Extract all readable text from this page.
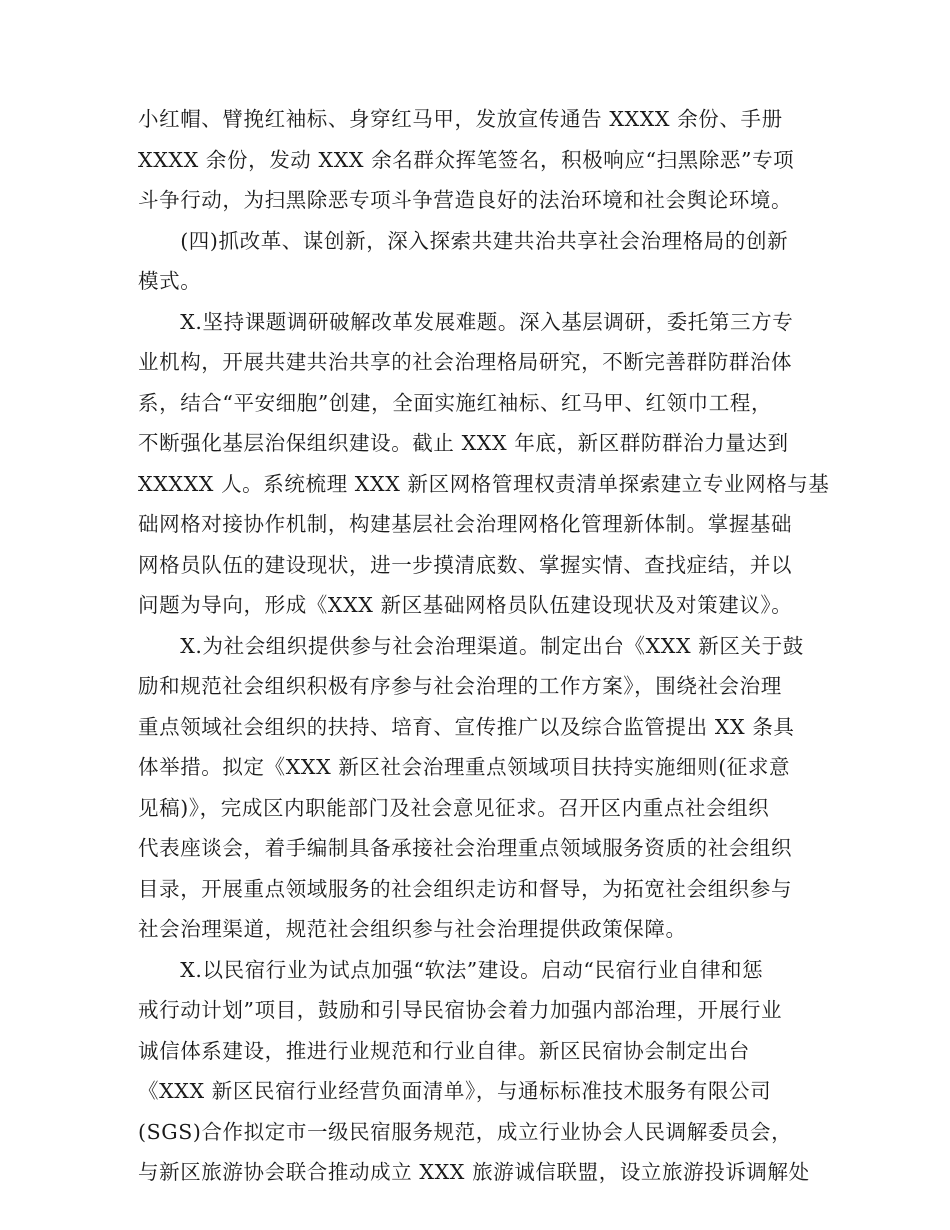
小红帽、臂挽红袖标、身穿红马甲，发放宣传通告 XXXX 余份、手册
XXXX 余份，发动 XXX 余名群众挥笔签名，积极响应“扫黑除恶”专项
斗争行动，为扫黑除恶专项斗争营造良好的法治环境和社会舆论环境。
　　(四)抓改革、谋创新，深入探索共建共治共享社会治理格局的创新
模式。
　　X.坚持课题调研破解改革发展难题。深入基层调研，委托第三方专
业机构，开展共建共治共享的社会治理格局研究，不断完善群防群治体
系，结合“平安细胞”创建，全面实施红袖标、红马甲、红领巾工程，
不断强化基层治保组织建设。截止 XXX 年底，新区群防群治力量达到
XXXXX 人。系统梳理 XXX 新区网格管理权责清单探索建立专业网格与基
础网格对接协作机制，构建基层社会治理网格化管理新体制。掌握基础
网格员队伍的建设现状，进一步摸清底数、掌握实情、查找症结，并以
问题为导向，形成《XXX 新区基础网格员队伍建设现状及对策建议》。
　　X.为社会组织提供参与社会治理渠道。制定出台《XXX 新区关于鼓
励和规范社会组织积极有序参与社会治理的工作方案》，围绕社会治理
重点领域社会组织的扶持、培育、宣传推广以及综合监管提出 XX 条具
体举措。拟定《XXX 新区社会治理重点领域项目扶持实施细则(征求意
见稿)》，完成区内职能部门及社会意见征求。召开区内重点社会组织
代表座谈会，着手编制具备承接社会治理重点领域服务资质的社会组织
目录，开展重点领域服务的社会组织走访和督导，为拓宽社会组织参与
社会治理渠道，规范社会组织参与社会治理提供政策保障。
　　X.以民宿行业为试点加强“软法”建设。启动“民宿行业自律和惩
戒行动计划”项目，鼓励和引导民宿协会着力加强内部治理，开展行业
诚信体系建设，推进行业规范和行业自律。新区民宿协会制定出台
《XXX 新区民宿行业经营负面清单》，与通标标准技术服务有限公司
(SGS)合作拟定市一级民宿服务规范，成立行业协会人民调解委员会，
与新区旅游协会联合推动成立 XXX 旅游诚信联盟，设立旅游投诉调解处
